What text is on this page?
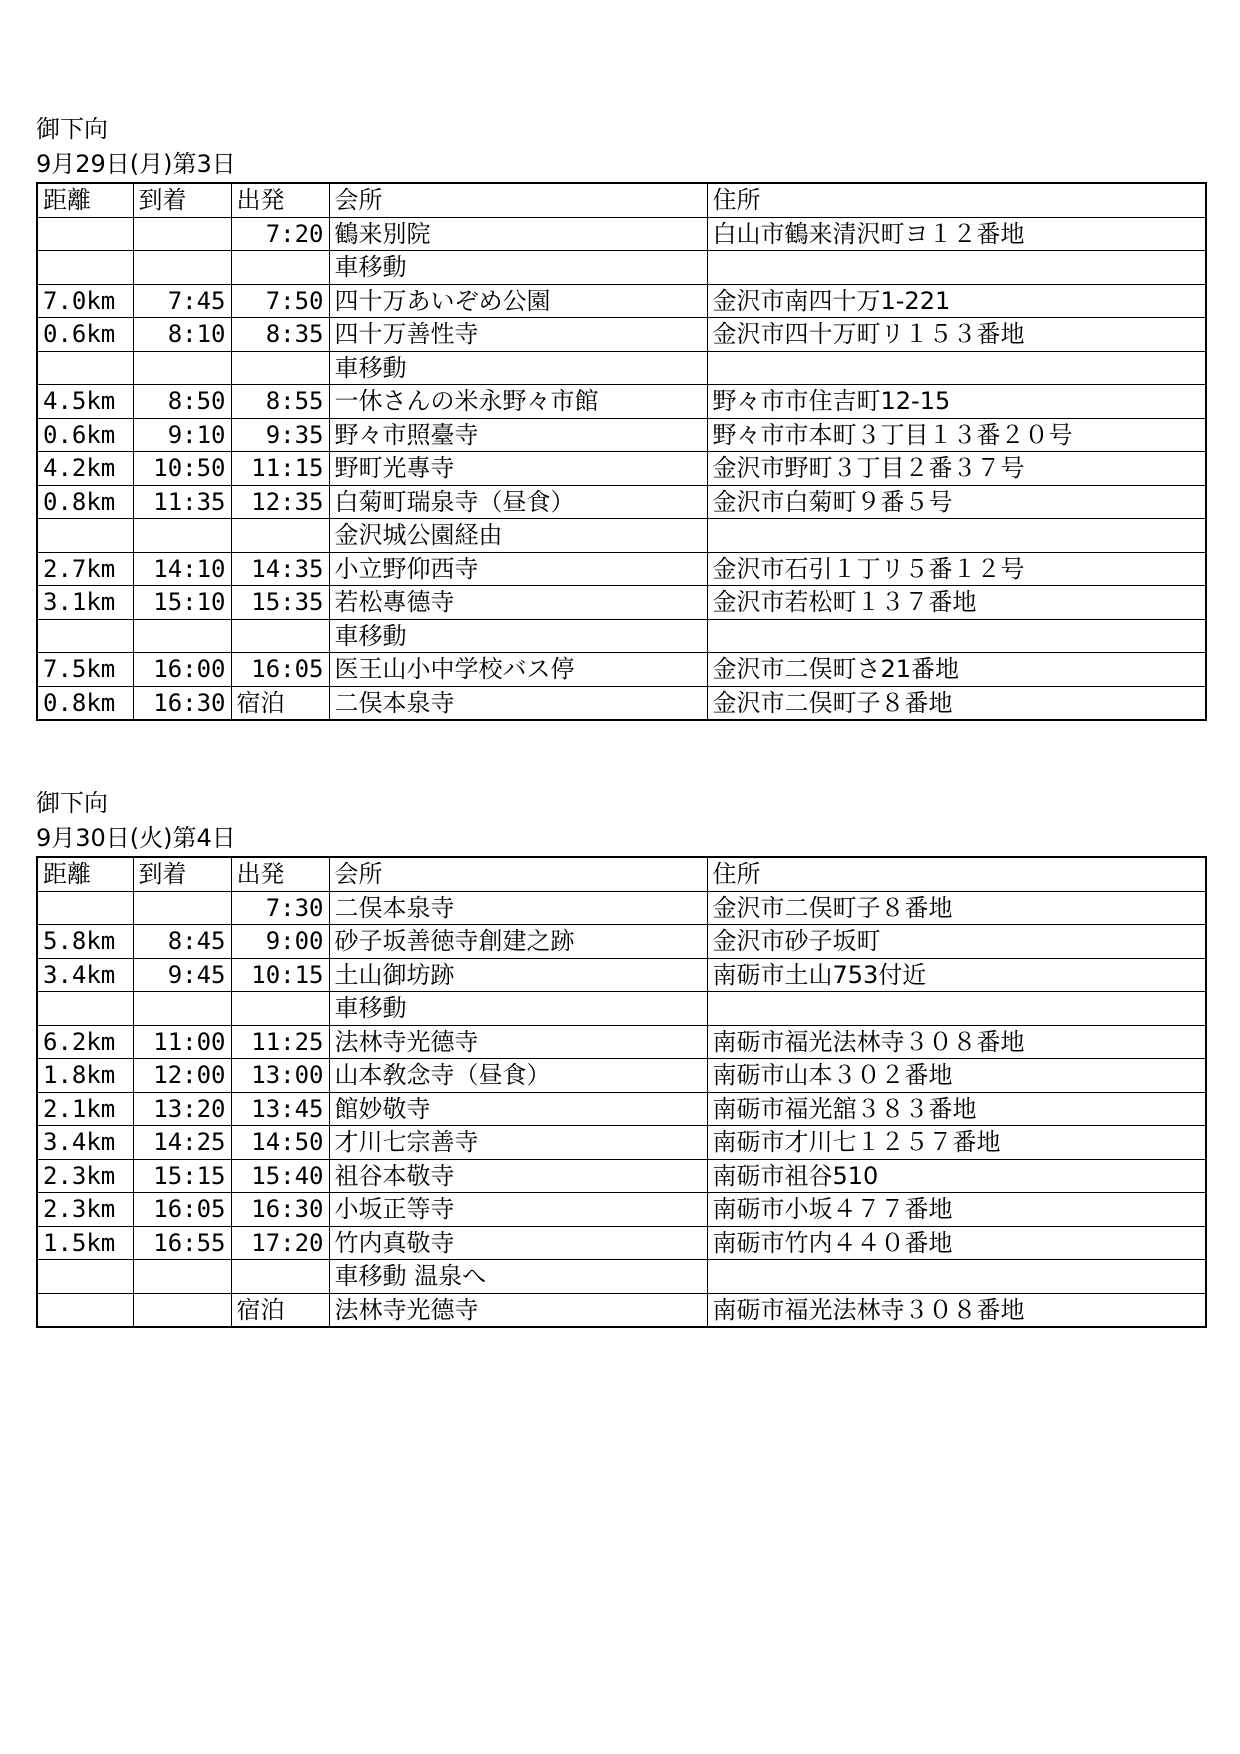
御下向
9月29日(月)第3日
距離	到着	出発	会所	住所
		7:20	鶴来別院	白山市鶴来清沢町ヨ１２番地
			車移動	
7.0km	7:45	7:50	四十万あいぞめ公園	金沢市南四十万1-221
0.6km	8:10	8:35	四十万善性寺	金沢市四十万町リ１５３番地
			車移動	
4.5km	8:50	8:55	一休さんの米永野々市館	野々市市住吉町12-15
0.6km	9:10	9:35	野々市照臺寺	野々市市本町３丁目１３番２０号
4.2km	10:50	11:15	野町光專寺	金沢市野町３丁目２番３７号
0.8km	11:35	12:35	白菊町瑞泉寺（昼食）	金沢市白菊町９番５号
			金沢城公園経由	
2.7km	14:10	14:35	小立野仰西寺	金沢市石引１丁リ５番１２号
3.1km	15:10	15:35	若松專德寺	金沢市若松町１３７番地
			車移動	
7.5km	16:00	16:05	医王山小中学校バス停	金沢市二俣町さ21番地
0.8km	16:30	宿泊	二俣本泉寺	金沢市二俣町子８番地
御下向
9月30日(火)第4日
距離	到着	出発	会所	住所
		7:30	二俣本泉寺	金沢市二俣町子８番地
5.8km	8:45	9:00	砂子坂善徳寺創建之跡	金沢市砂子坂町
3.4km	9:45	10:15	土山御坊跡	南砺市土山753付近
			車移動	
6.2km	11:00	11:25	法林寺光德寺	南砺市福光法林寺３０８番地
1.8km	12:00	13:00	山本敎念寺（昼食）	南砺市山本３０２番地
2.1km	13:20	13:45	館妙敬寺	南砺市福光舘３８３番地
3.4km	14:25	14:50	才川七宗善寺	南砺市才川七１２５７番地
2.3km	15:15	15:40	祖谷本敬寺	南砺市祖谷510
2.3km	16:05	16:30	小坂正等寺	南砺市小坂４７７番地
1.5km	16:55	17:20	竹内真敬寺	南砺市竹内４４０番地
			車移動 温泉へ	
		宿泊	法林寺光德寺	南砺市福光法林寺３０８番地
